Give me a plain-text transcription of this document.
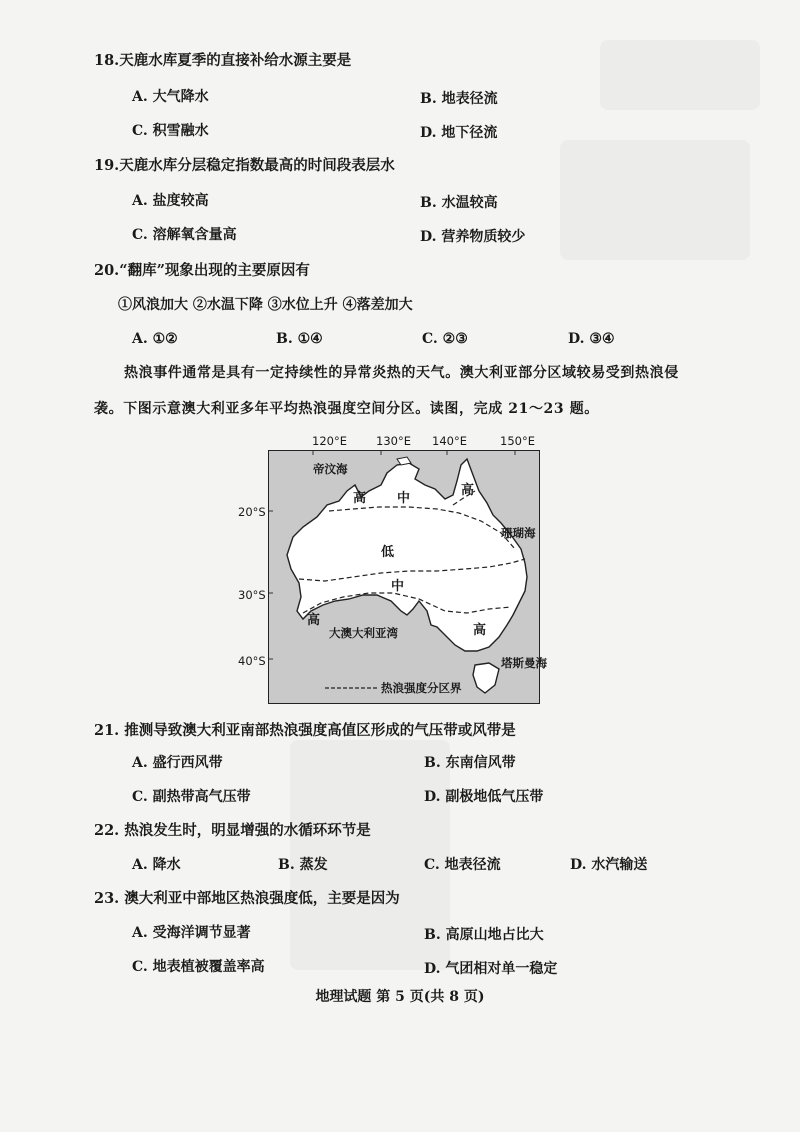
18.天鹿水库夏季的直接补给水源主要是
A. 大气降水	B. 地表径流
C. 积雪融水	D. 地下径流
19.天鹿水库分层稳定指数最高的时间段表层水
A. 盐度较高	B. 水温较高
C. 溶解氧含量高	D. 营养物质较少
20.“翻库”现象出现的主要原因有
①风浪加大 ②水温下降 ③水位上升 ④落差加大
A. ①②	B. ①④	C. ②③	D. ③④
热浪事件通常是具有一定持续性的异常炎热的天气。澳大利亚部分区域较易受到热浪侵
袭。下图示意澳大利亚多年平均热浪强度空间分区。读图，完成 21～23 题。
120°E	130°E 140°E	150°E
20°S
30°S
40°S
帝汶海
珊瑚海
大澳大利亚湾
塔斯曼海
高
中
高
低
中
高
高
热浪强度分区界
21. 推测导致澳大利亚南部热浪强度高值区形成的气压带或风带是
A. 盛行西风带	B. 东南信风带
C. 副热带高气压带	D. 副极地低气压带
22. 热浪发生时，明显增强的水循环环节是
A. 降水	B. 蒸发	C. 地表径流	D. 水汽输送
23. 澳大利亚中部地区热浪强度低，主要是因为
A. 受海洋调节显著	B. 高原山地占比大
C. 地表植被覆盖率高	D. 气团相对单一稳定
地理试题 第 5 页(共 8 页)
